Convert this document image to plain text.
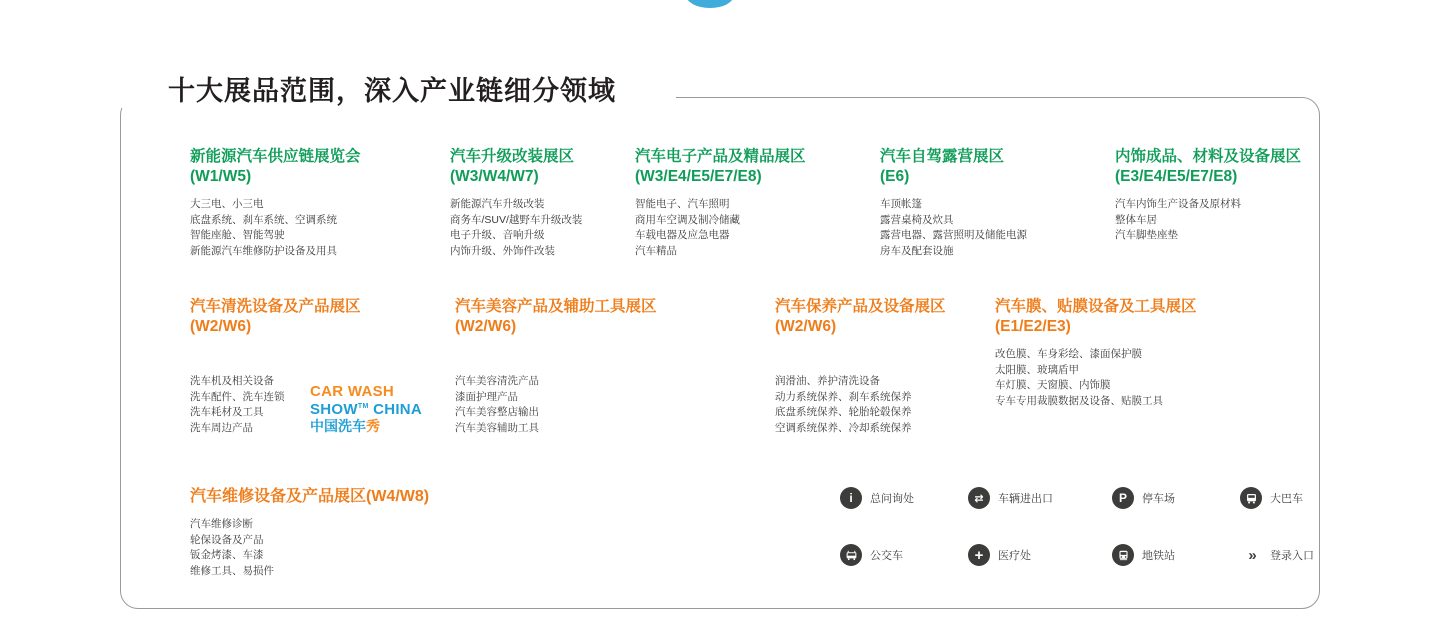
十大展品范围，深入产业链细分领域
新能源汽车供应链展览会
(W1/W5)
大三电、小三电
底盘系统、刹车系统、空调系统
智能座舱、智能驾驶
新能源汽车维修防护设备及用具
汽车升级改装展区
(W3/W4/W7)
新能源汽车升级改装
商务车/SUV/越野车升级改装
电子升级、音响升级
内饰升级、外饰件改装
汽车电子产品及精品展区
(W3/E4/E5/E7/E8)
智能电子、汽车照明
商用车空调及制冷储藏
车载电器及应急电器
汽车精品
汽车自驾露营展区
(E6)
车顶帐篷
露营桌椅及炊具
露营电器、露营照明及储能电源
房车及配套设施
内饰成品、材料及设备展区
(E3/E4/E5/E7/E8)
汽车内饰生产设备及原材料
整体车居
汽车脚垫座垫
汽车清洗设备及产品展区
(W2/W6)
洗车机及相关设备
洗车配件、洗车连锁
洗车耗材及工具
洗车周边产品
CAR WASH
SHOW™ CHINA
中国洗车秀
汽车美容产品及辅助工具展区
(W2/W6)
汽车美容清洗产品
漆面护理产品
汽车美容整店输出
汽车美容辅助工具
汽车保养产品及设备展区
(W2/W6)
润滑油、养护清洗设备
动力系统保养、刹车系统保养
底盘系统保养、轮胎轮毂保养
空调系统保养、冷却系统保养
汽车膜、贴膜设备及工具展区
(E1/E2/E3)
改色膜、车身彩绘、漆面保护膜
太阳膜、玻璃盾甲
车灯膜、天窗膜、内饰膜
专车专用裁膜数据及设备、贴膜工具
汽车维修设备及产品展区(W4/W8)
汽车维修诊断
轮保设备及产品
钣金烤漆、车漆
维修工具、易损件
i	总问询处	⇄	车辆进出口	P	停车场	大巴车
公交车	+	医疗处	地铁站	»	登录入口
